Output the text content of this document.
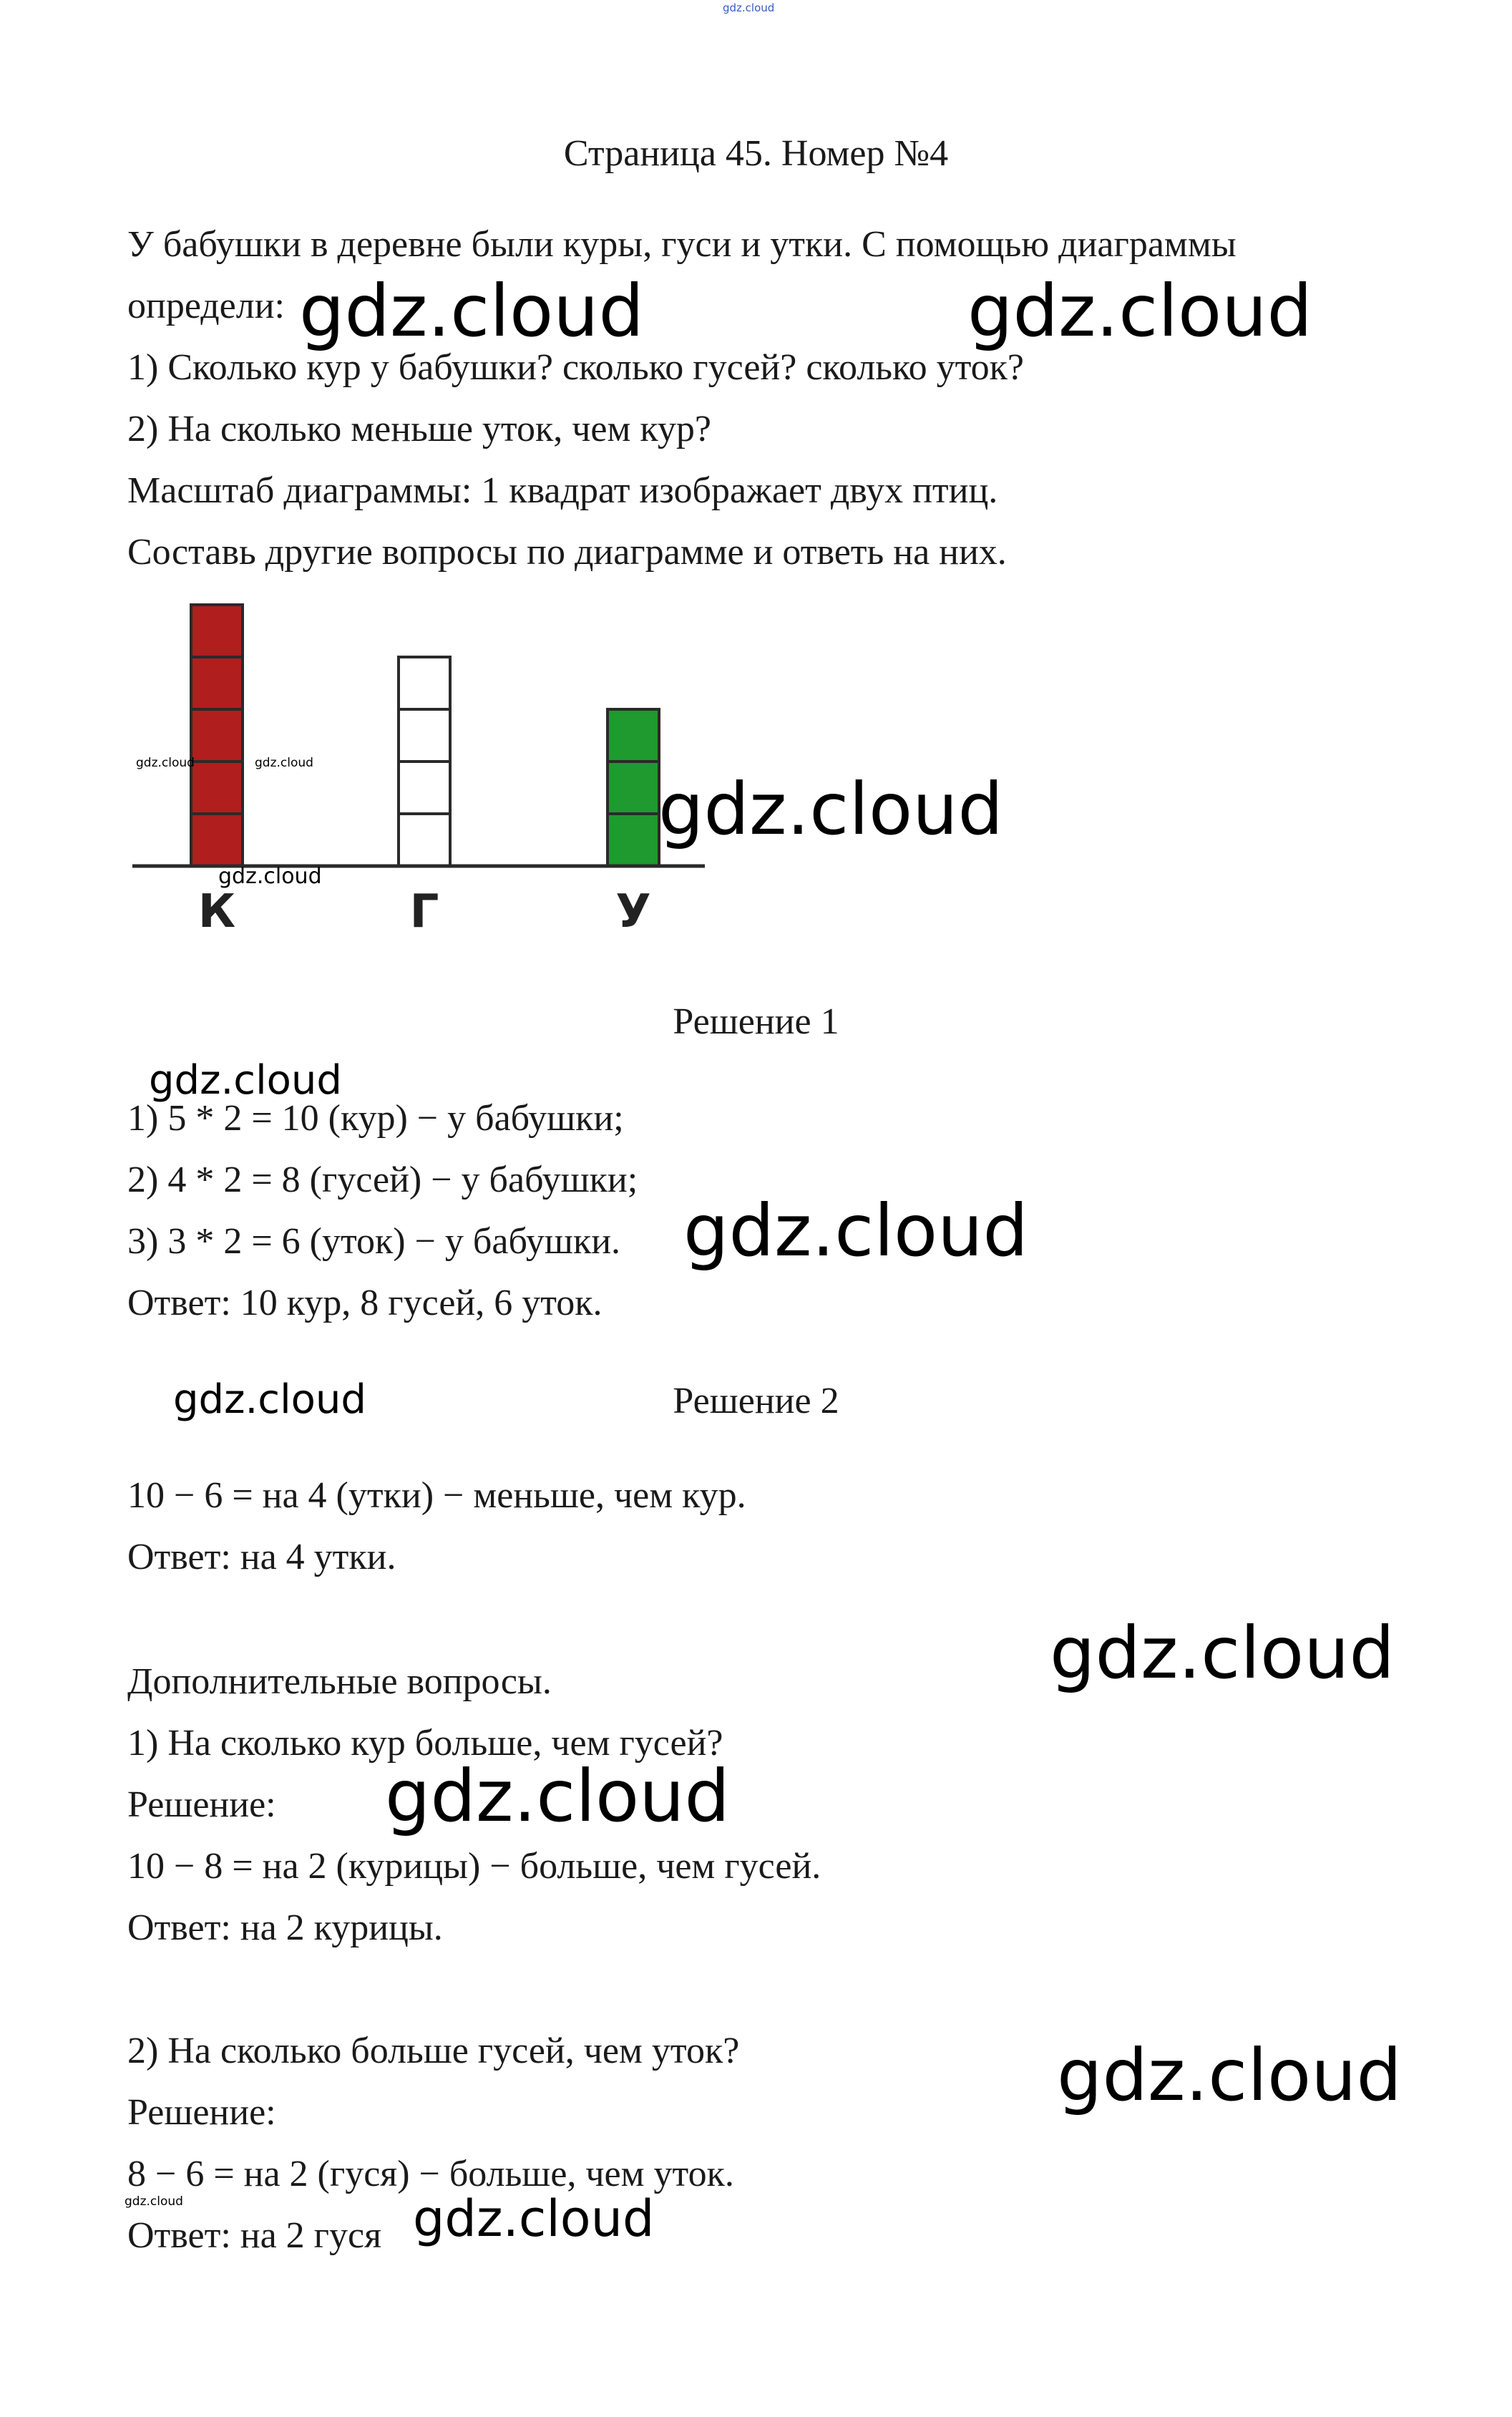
gdz.cloud
Страница 45. Номер №4
У бабушки в деревне были куры, гуси и утки. С помощью диаграммы
определи:
1) Сколько кур у бабушки? сколько гусей? сколько уток?
2) На сколько меньше уток, чем кур?
Масштаб диаграммы: 1 квадрат изображает двух птиц.
Составь другие вопросы по диаграмме и ответь на них.
К	Г	У
Решение 1
1) 5 * 2 = 10 (кур) − у бабушки;
2) 4 * 2 = 8 (гусей) − у бабушки;
3) 3 * 2 = 6 (уток) − у бабушки.
Ответ: 10 кур, 8 гусей, 6 уток.
Решение 2
10 − 6 = на 4 (утки) − меньше, чем кур.
Ответ: на 4 утки.
Дополнительные вопросы.
1) На сколько кур больше, чем гусей?
Решение:
10 − 8 = на 2 (курицы) − больше, чем гусей.
Ответ: на 2 курицы.
2) На сколько больше гусей, чем уток?
Решение:
8 − 6 = на 2 (гуся) − больше, чем уток.
Ответ: на 2 гуся
gdz.cloud	gdz.cloud
gdz.cloud
gdz.cloud	gdz.cloud
gdz.cloud
gdz.cloud
gdz.cloud
gdz.cloud
gdz.cloud
gdz.cloud
gdz.cloud
gdz.cloud	gdz.cloud
